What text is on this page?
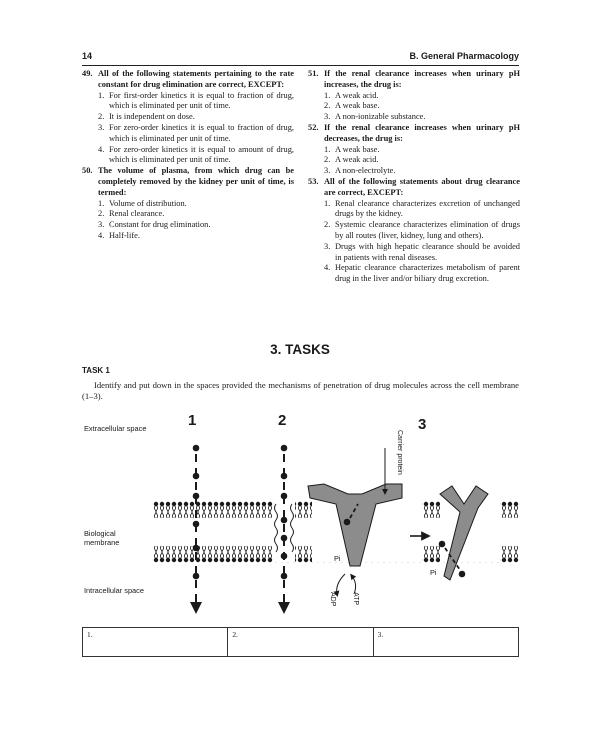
14	B. General Pharmacology
49. All of the following statements pertaining to the rate constant for drug elimination are correct, EXCEPT:
1. For first-order kinetics it is equal to fraction of drug, which is eliminated per unit of time.
2. It is independent on dose.
3. For zero-order kinetics it is equal to fraction of drug, which is eliminated per unit of time.
4. For zero-order kinetics it is equal to amount of drug, which is eliminated per unit of time.
50. The volume of plasma, from which drug can be completely removed by the kidney per unit of time, is termed:
1. Volume of distribution.
2. Renal clearance.
3. Constant for drug elimination.
4. Half-life.
51. If the renal clearance increases when urinary pH increases, the drug is:
1. A weak acid.
2. A weak base.
3. A non-ionizable substance.
52. If the renal clearance increases when urinary pH decreases, the drug is:
1. A weak base.
2. A weak acid.
3. A non-electrolyte.
53. All of the following statements about drug clearance are correct, EXCEPT:
1. Renal clearance characterizes excretion of unchanged drugs by the kidney.
2. Systemic clearance characterizes elimination of drugs by all routes (liver, kidney, lung and others).
3. Drugs with high hepatic clearance should be avoided in patients with renal diseases.
4. Hepatic clearance characterizes metabolism of parent drug in the liver and/or biliary drug excretion.
3. TASKS
TASK 1
Identify and put down in the spaces provided the mechanisms of penetration of drug molecules across the cell membrane (1–3).
Extracellular space
Biological membrane
Intracellular space
1	2	3
Carrier protein
Pi
Pi
ADP ATP
1.	2.	3.
